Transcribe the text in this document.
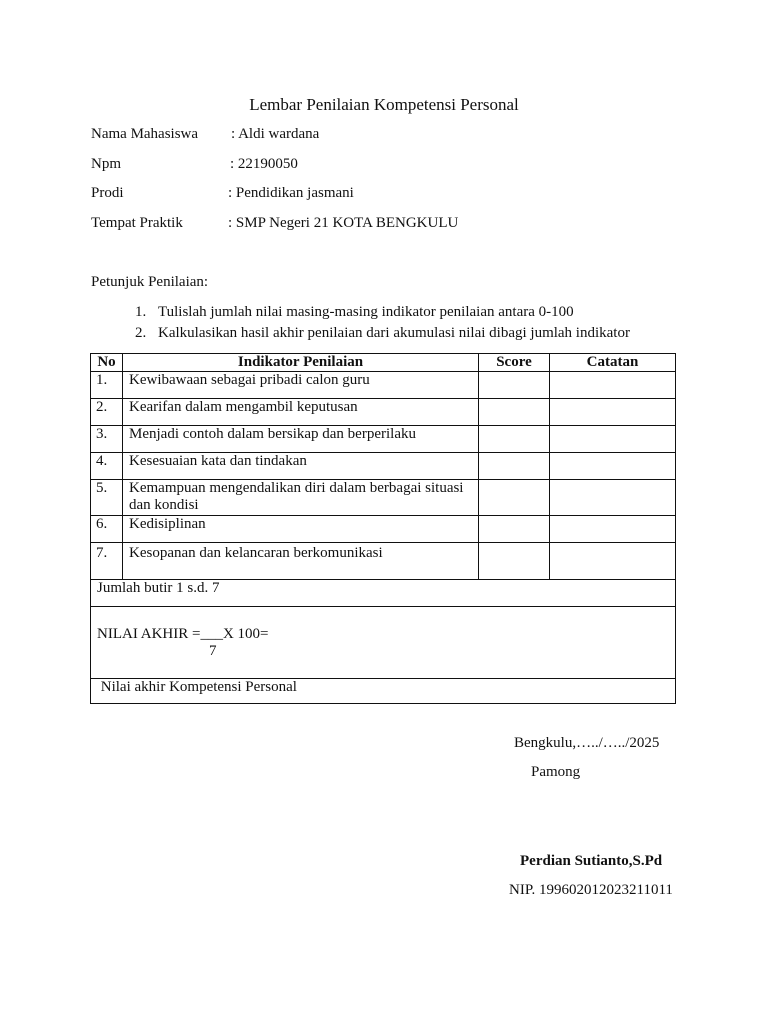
Lembar Penilaian Kompetensi Personal
Nama Mahasiswa : Aldi wardana
Npm	: 22190050
Prodi	: Pendidikan jasmani
Tempat Praktik	: SMP Negeri 21 KOTA BENGKULU
Petunjuk Penilaian:
1. Tulislah jumlah nilai masing-masing indikator penilaian antara 0-100
2. Kalkulasikan hasil akhir penilaian dari akumulasi nilai dibagi jumlah indikator
No	Indikator Penilaian	Score	Catatan
1.	Kewibawaan sebagai pribadi calon guru		
2.	Kearifan dalam mengambil keputusan		
3.	Menjadi contoh dalam bersikap dan berperilaku		
4.	Kesesuaian kata dan tindakan		
5.	Kemampuan mengendalikan diri dalam berbagai situasi dan kondisi		
6.	Kedisiplinan		
7.	Kesopanan dan kelancaran berkomunikasi		
Jumlah butir 1 s.d. 7			

NILAI AKHIR =___X 100=
7			

Nilai akhir Kompetensi Personal			
Bengkulu,…../…../2025
Pamong
Perdian Sutianto,S.Pd
NIP. 199602012023211011
